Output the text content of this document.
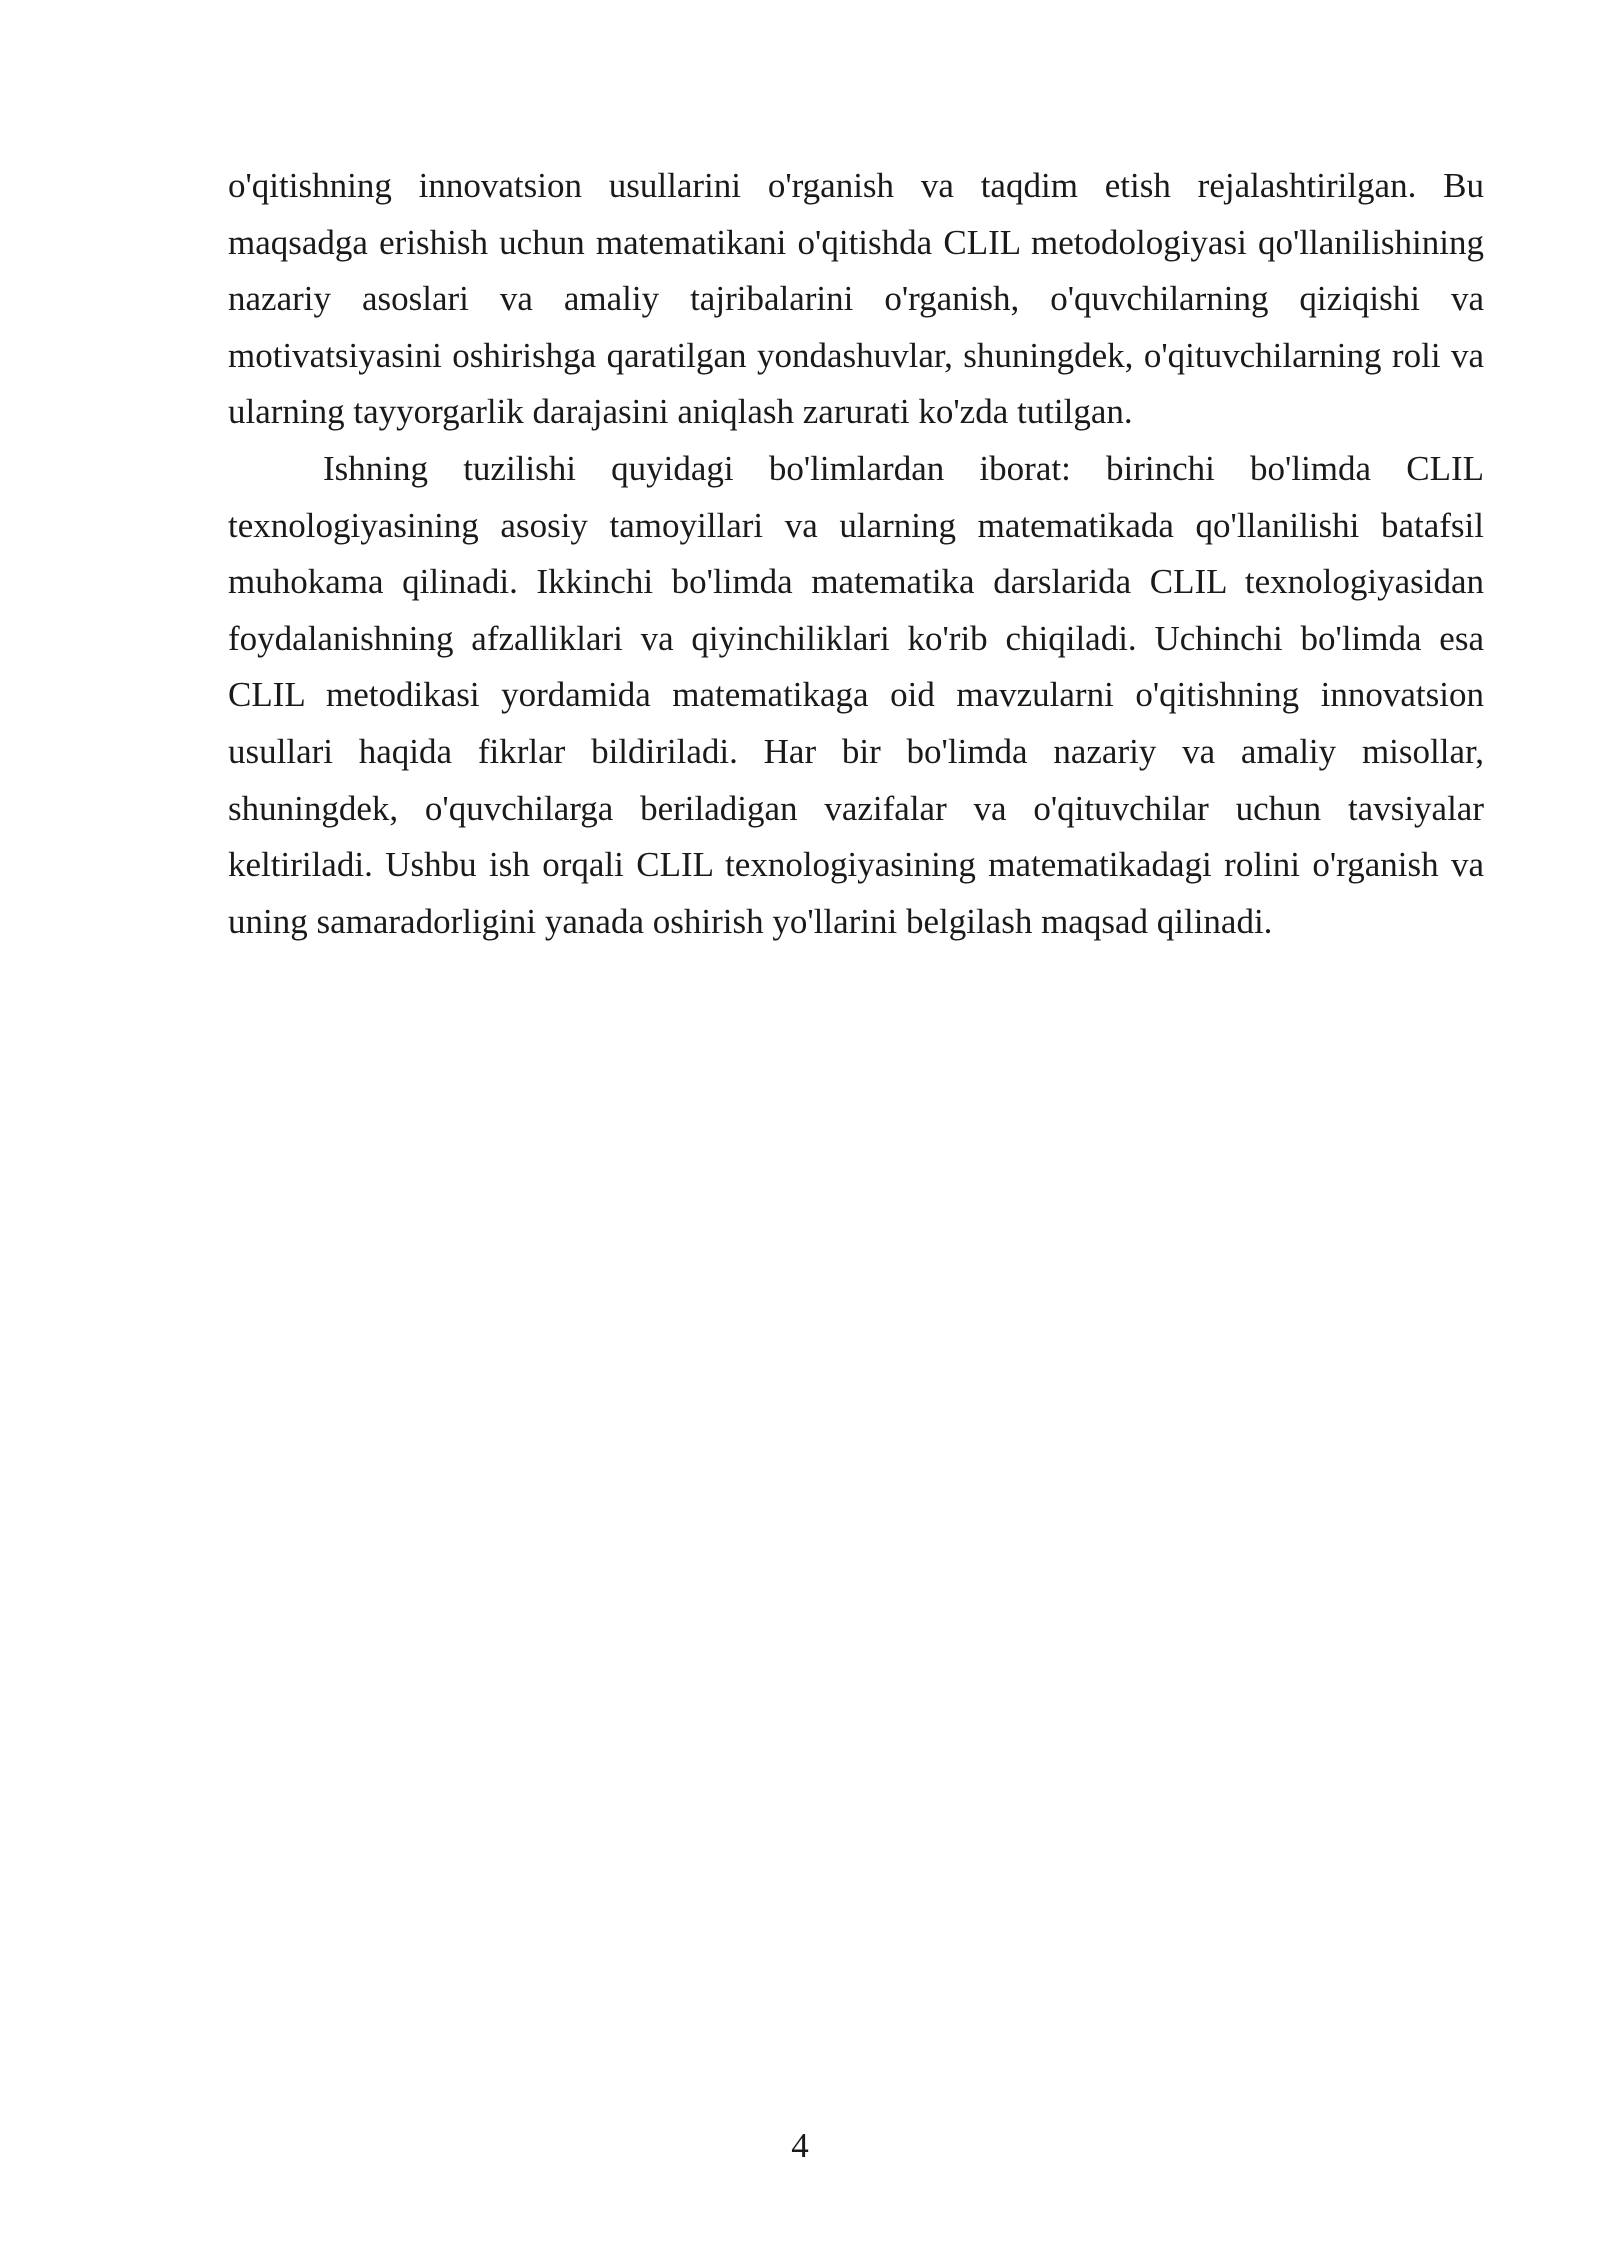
o'qitishning innovatsion usullarini o'rganish va taqdim etish rejalashtirilgan. Bu maqsadga erishish uchun matematikani o'qitishda CLIL metodologiyasi qo'llanilishining nazariy asoslari va amaliy tajribalarini o'rganish, o'quvchilarning qiziqishi va motivatsiyasini oshirishga qaratilgan yondashuvlar, shuningdek, o'qituvchilarning roli va ularning tayyorgarlik darajasini aniqlash zarurati ko'zda tutilgan.

Ishning tuzilishi quyidagi bo'limlardan iborat: birinchi bo'limda CLIL texnologiyasining asosiy tamoyillari va ularning matematikada qo'llanilishi batafsil muhokama qilinadi. Ikkinchi bo'limda matematika darslarida CLIL texnologiyasidan foydalanishning afzalliklari va qiyinchiliklari ko'rib chiqiladi. Uchinchi bo'limda esa CLIL metodikasi yordamida matematikaga oid mavzularni o'qitishning innovatsion usullari haqida fikrlar bildiriladi. Har bir bo'limda nazariy va amaliy misollar, shuningdek, o'quvchilarga beriladigan vazifalar va o'qituvchilar uchun tavsiyalar keltiriladi. Ushbu ish orqali CLIL texnologiyasining matematikadagi rolini o'rganish va uning samaradorligini yanada oshirish yo'llarini belgilash maqsad qilinadi.

4
